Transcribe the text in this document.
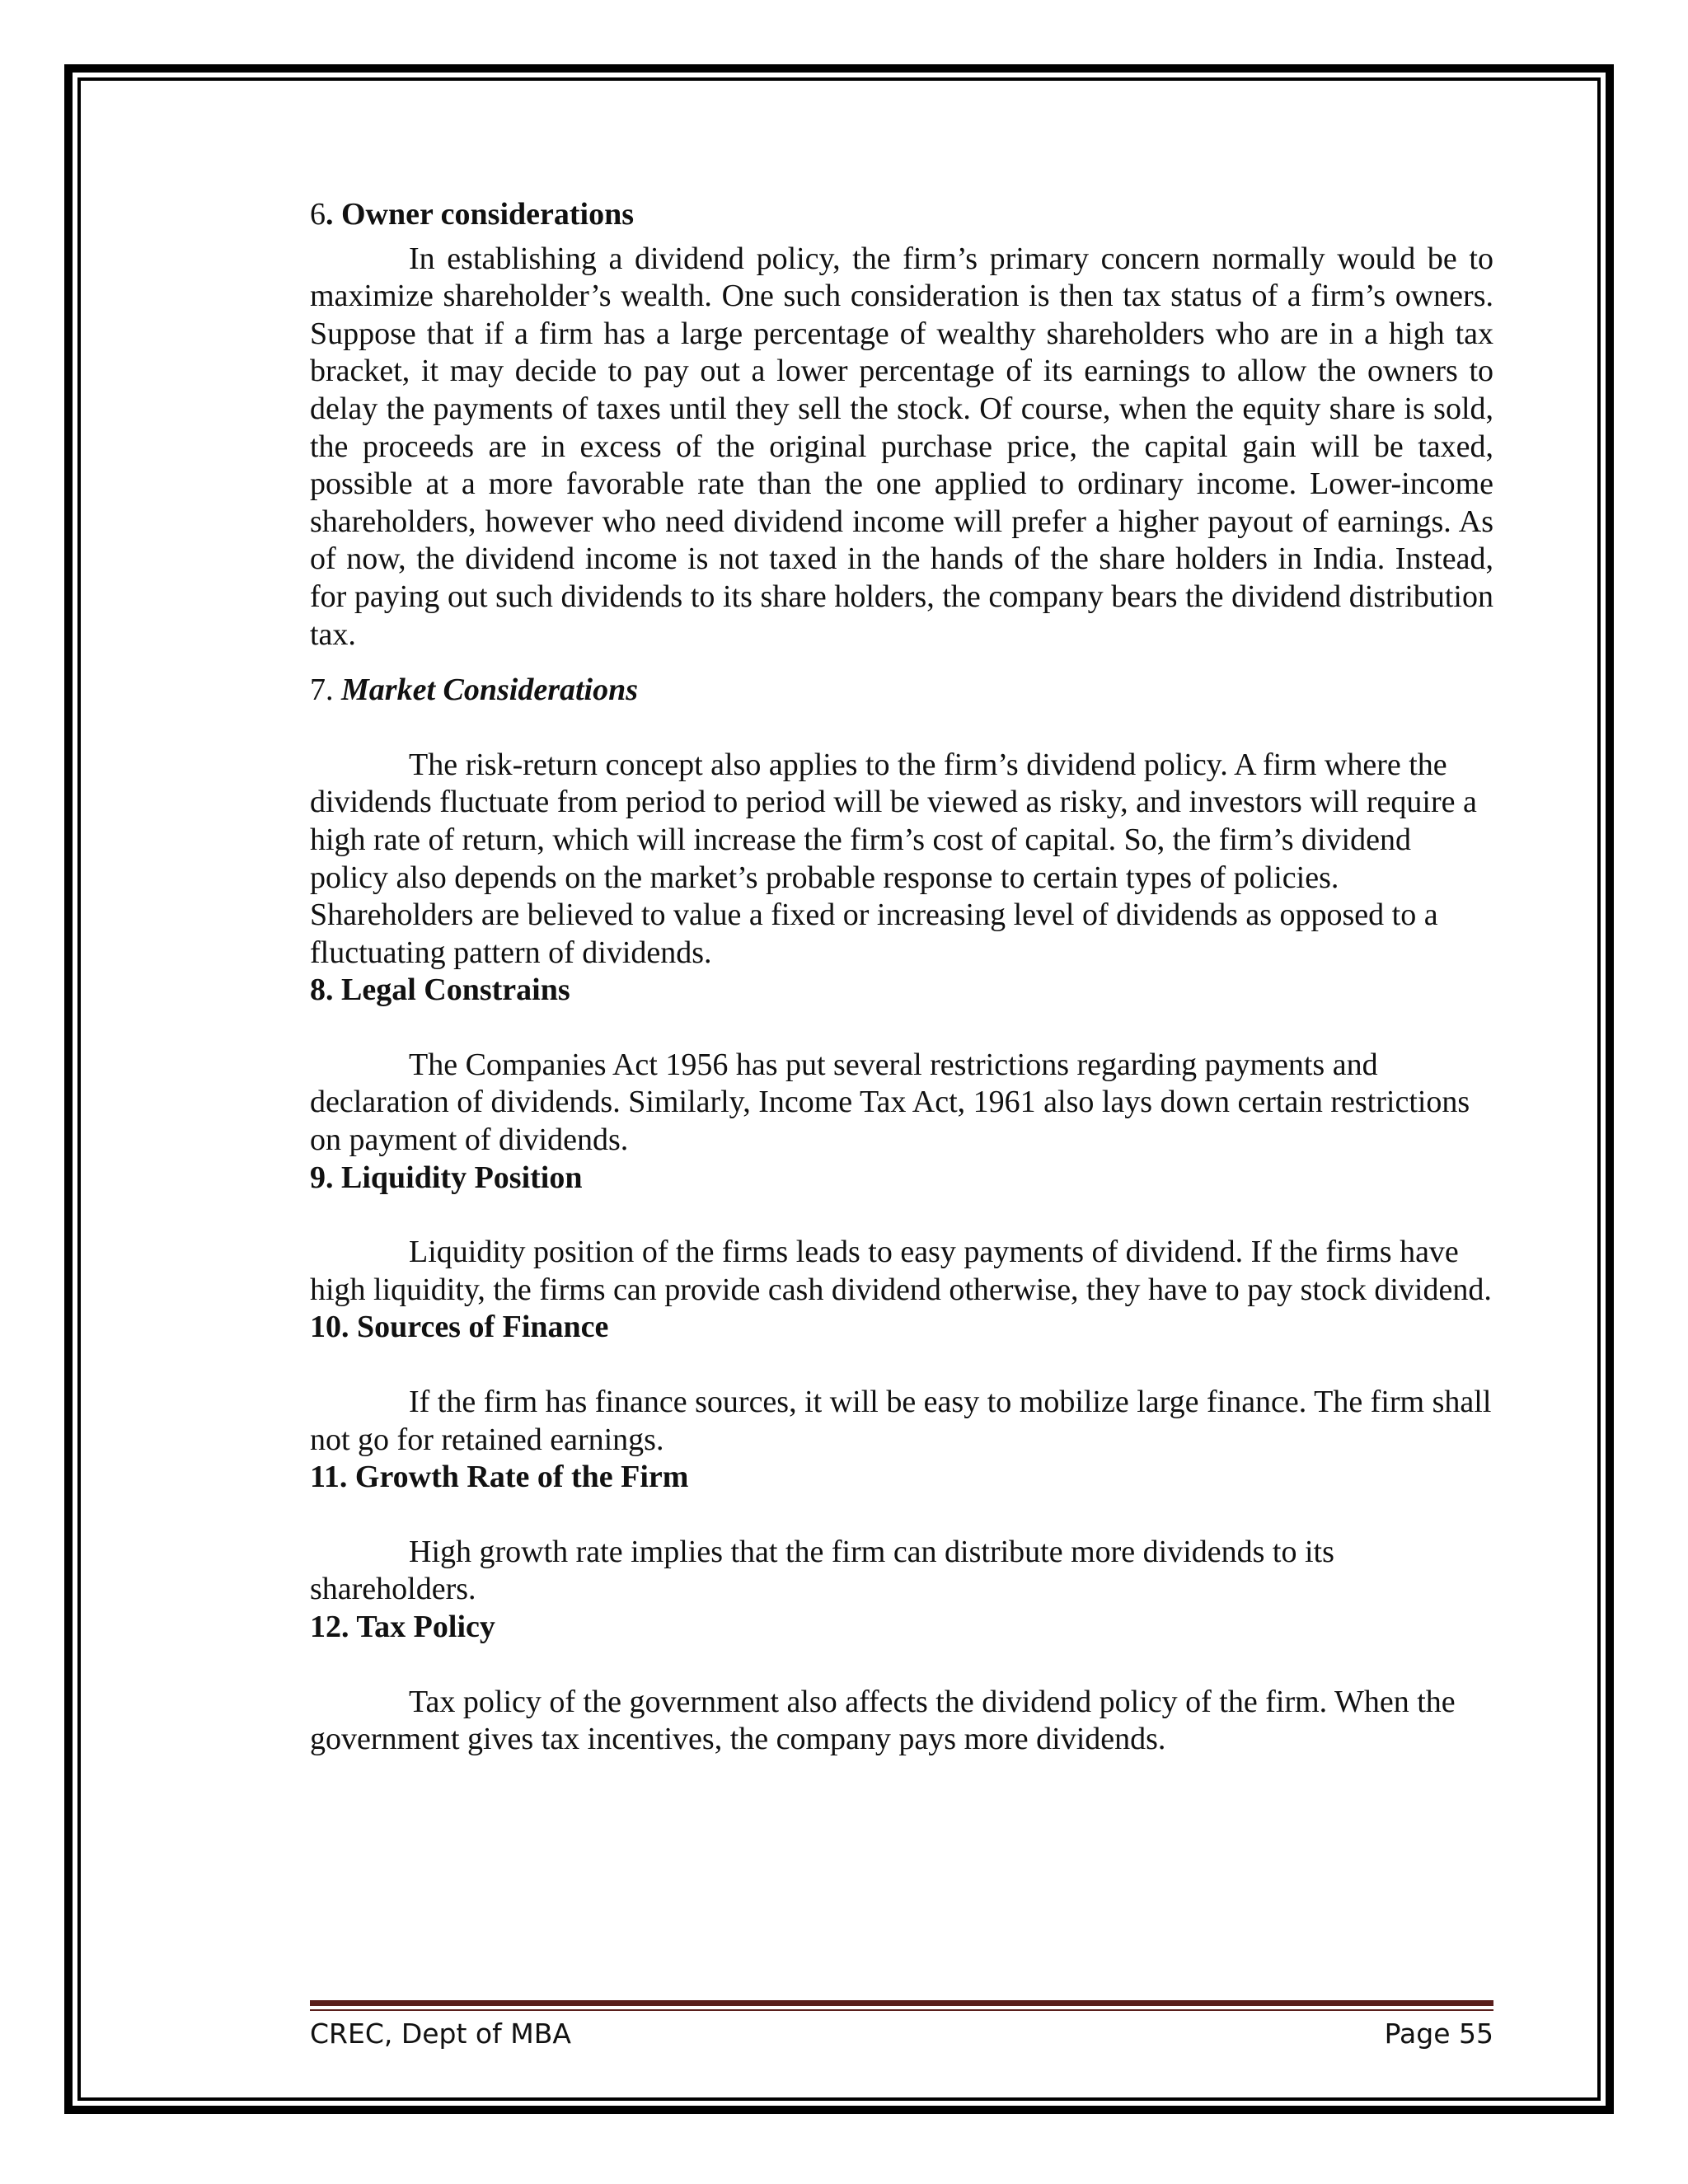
6. Owner considerations

In establishing a dividend policy, the firm’s primary concern normally would be to maximize shareholder’s wealth. One such consideration is then tax status of a firm’s owners. Suppose that if a firm has a large percentage of wealthy shareholders who are in a high tax bracket, it may decide to pay out a lower percentage of its earnings to allow the owners to delay the payments of taxes until they sell the stock. Of course, when the equity share is sold, the proceeds are in excess of the original purchase price, the capital gain will be taxed, possible at a more favorable rate than the one applied to ordinary income. Lower-income shareholders, however who need dividend income will prefer a higher payout of earnings. As of now, the dividend income is not taxed in the hands of the share holders in India. Instead, for paying out such dividends to its share holders, the company bears the dividend distribution tax.

7. Market Considerations

The risk-return concept also applies to the firm’s dividend policy. A firm where the dividends fluctuate from period to period will be viewed as risky, and investors will require a high rate of return, which will increase the firm’s cost of capital. So, the firm’s dividend policy also depends on the market’s probable response to certain types of policies. Shareholders are believed to value a fixed or increasing level of dividends as opposed to a fluctuating pattern of dividends.

8. Legal Constrains

The Companies Act 1956 has put several restrictions regarding payments and declaration of dividends. Similarly, Income Tax Act, 1961 also lays down certain restrictions on payment of dividends.

9. Liquidity Position

Liquidity position of the firms leads to easy payments of dividend. If the firms have high liquidity, the firms can provide cash dividend otherwise, they have to pay stock dividend.

10. Sources of Finance

If the firm has finance sources, it will be easy to mobilize large finance. The firm shall not go for retained earnings.

11. Growth Rate of the Firm

High growth rate implies that the firm can distribute more dividends to its shareholders.

12. Tax Policy

Tax policy of the government also affects the dividend policy of the firm. When the government gives tax incentives, the company pays more dividends.

CREC, Dept of MBA	Page 55
